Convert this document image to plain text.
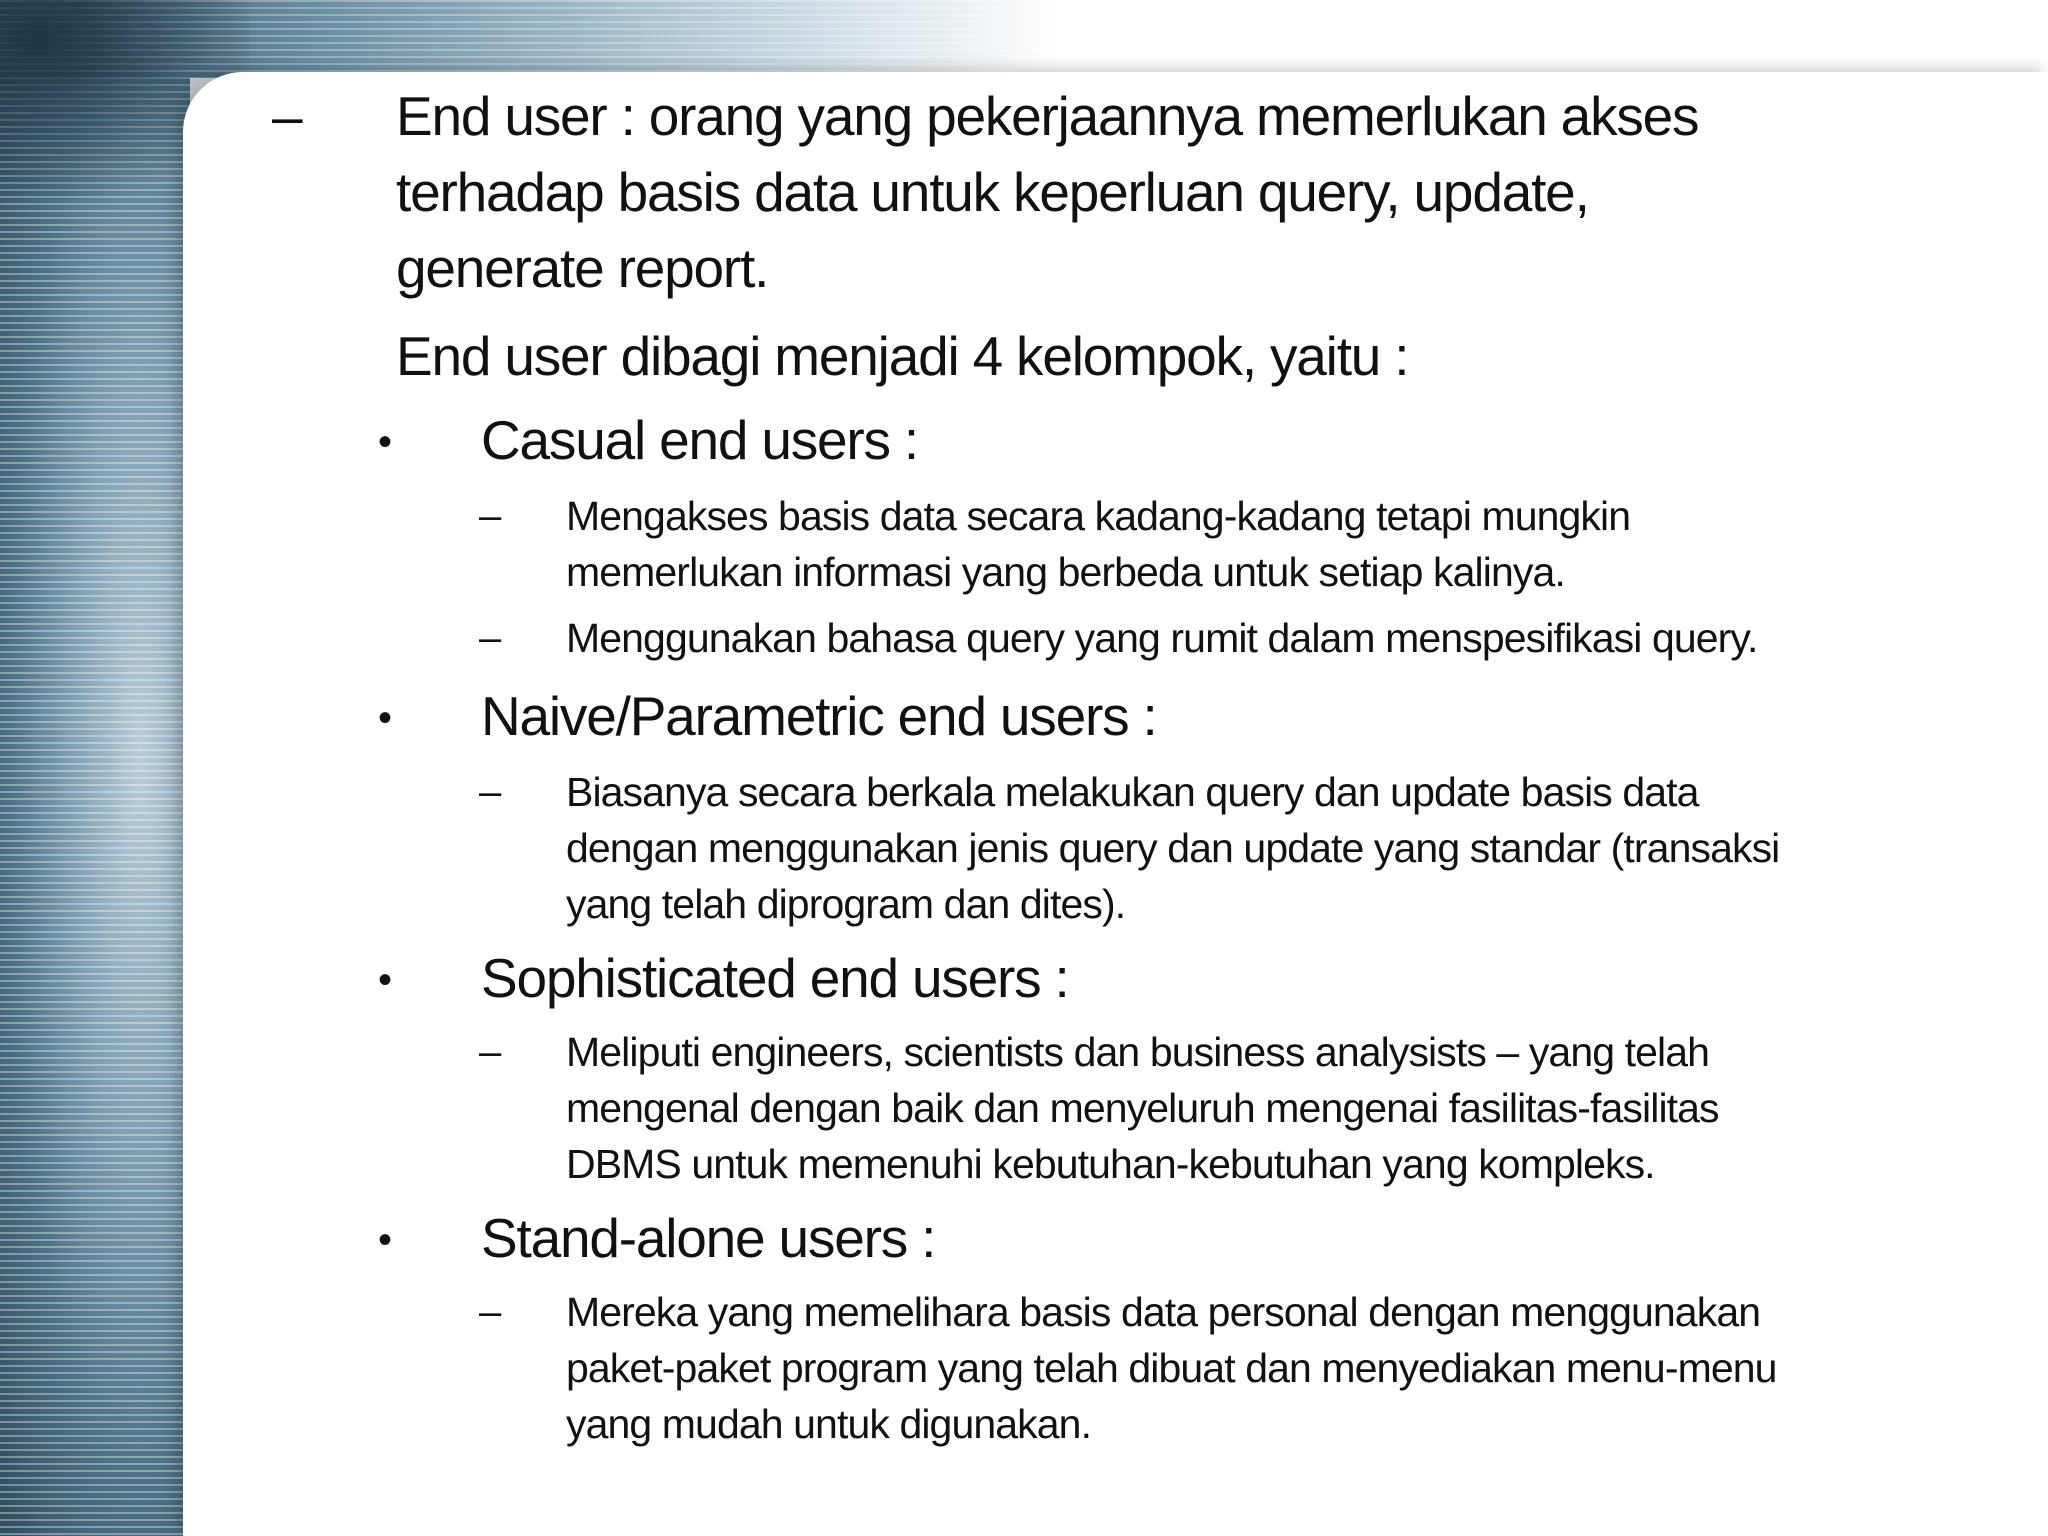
– End user : orang yang pekerjaannya memerlukan akses
terhadap basis data untuk keperluan query, update,
generate report.
End user dibagi menjadi 4 kelompok, yaitu :
• Casual end users :
– Mengakses basis data secara kadang-kadang tetapi mungkin
memerlukan informasi yang berbeda untuk setiap kalinya.
– Menggunakan bahasa query yang rumit dalam menspesifikasi query.
• Naive/Parametric end users :
– Biasanya secara berkala melakukan query dan update basis data
dengan menggunakan jenis query dan update yang standar (transaksi
yang telah diprogram dan dites).
• Sophisticated end users :
– Meliputi engineers, scientists dan business analysists – yang telah
mengenal dengan baik dan menyeluruh mengenai fasilitas-fasilitas
DBMS untuk memenuhi kebutuhan-kebutuhan yang kompleks.
• Stand-alone users :
– Mereka yang memelihara basis data personal dengan menggunakan
paket-paket program yang telah dibuat dan menyediakan menu-menu
yang mudah untuk digunakan.
